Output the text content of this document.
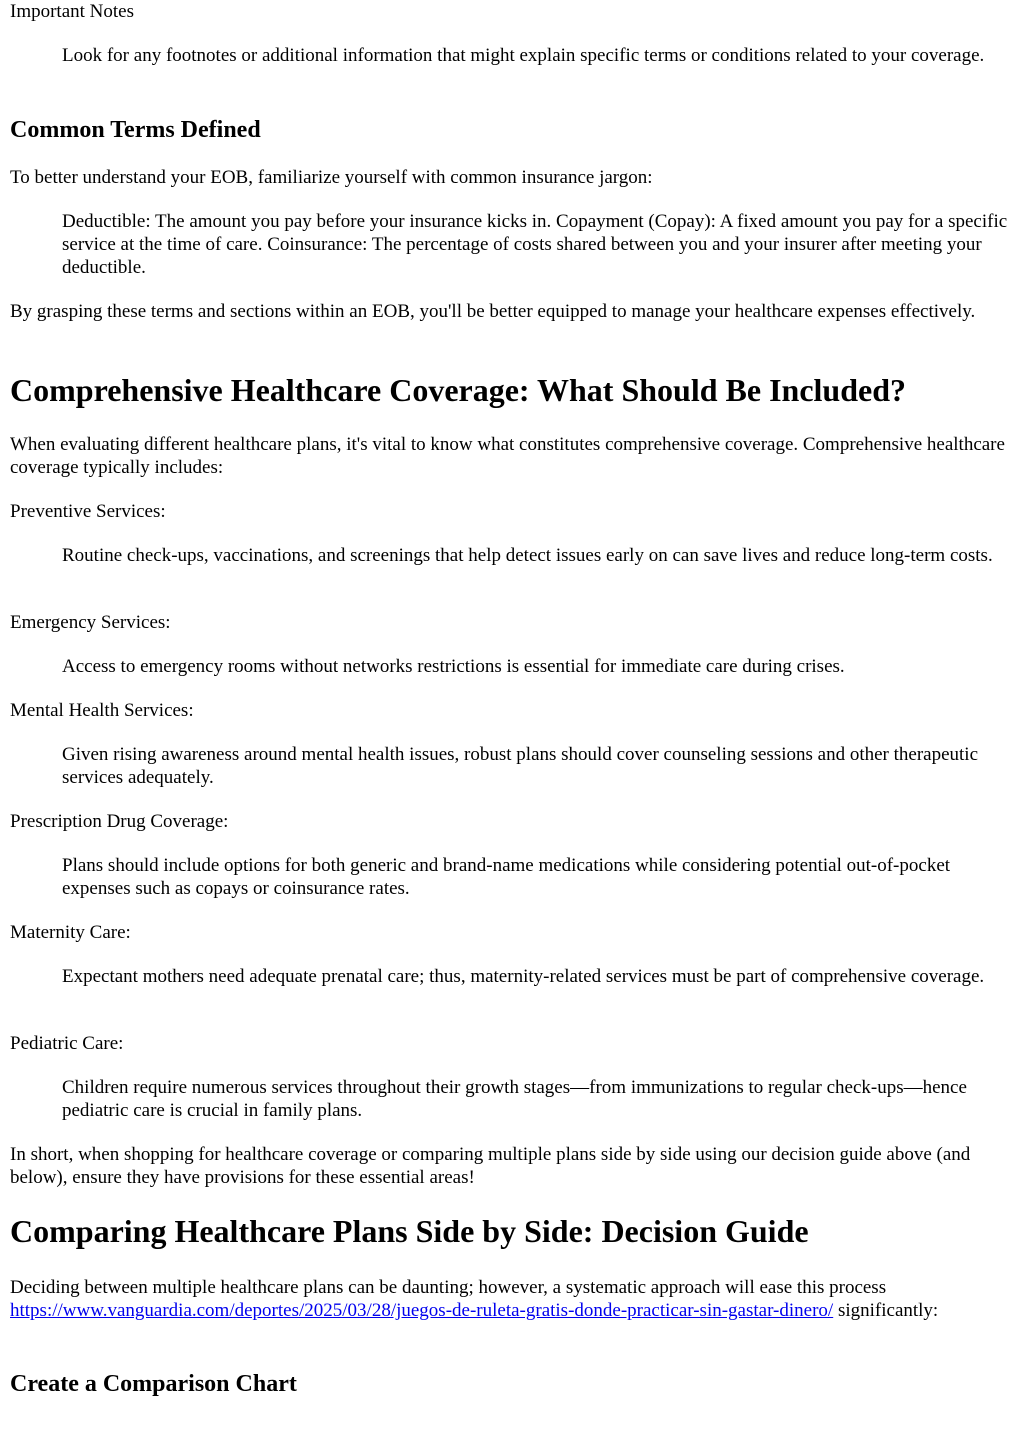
Important Notes
Look for any footnotes or additional information that might explain specific terms or conditions related to your coverage.
Common Terms Defined

To better understand your EOB, familiarize yourself with common insurance jargon:

Deductible: The amount you pay before your insurance kicks in. Copayment (Copay): A fixed amount you pay for a specific service at the time of care. Coinsurance: The percentage of costs shared between you and your insurer after meeting your deductible.

By grasping these terms and sections within an EOB, you'll be better equipped to manage your healthcare expenses effectively.

Comprehensive Healthcare Coverage: What Should Be Included?

When evaluating different healthcare plans, it's vital to know what constitutes comprehensive coverage. Comprehensive healthcare coverage typically includes:

Preventive Services:
Routine check-ups, vaccinations, and screenings that help detect issues early on can save lives and reduce long-term costs.
Emergency Services:
Access to emergency rooms without networks restrictions is essential for immediate care during crises.
Mental Health Services:
Given rising awareness around mental health issues, robust plans should cover counseling sessions and other therapeutic services adequately.
Prescription Drug Coverage:
Plans should include options for both generic and brand-name medications while considering potential out-of-pocket expenses such as copays or coinsurance rates.
Maternity Care:
Expectant mothers need adequate prenatal care; thus, maternity-related services must be part of comprehensive coverage.
Pediatric Care:
Children require numerous services throughout their growth stages—from immunizations to regular check-ups—hence pediatric care is crucial in family plans.

In short, when shopping for healthcare coverage or comparing multiple plans side by side using our decision guide above (and below), ensure they have provisions for these essential areas!

Comparing Healthcare Plans Side by Side: Decision Guide

Deciding between multiple healthcare plans can be daunting; however, a systematic approach will ease this process https://www.vanguardia.com/deportes/2025/03/28/juegos-de-ruleta-gratis-donde-practicar-sin-gastar-dinero/ significantly:

Create a Comparison Chart
